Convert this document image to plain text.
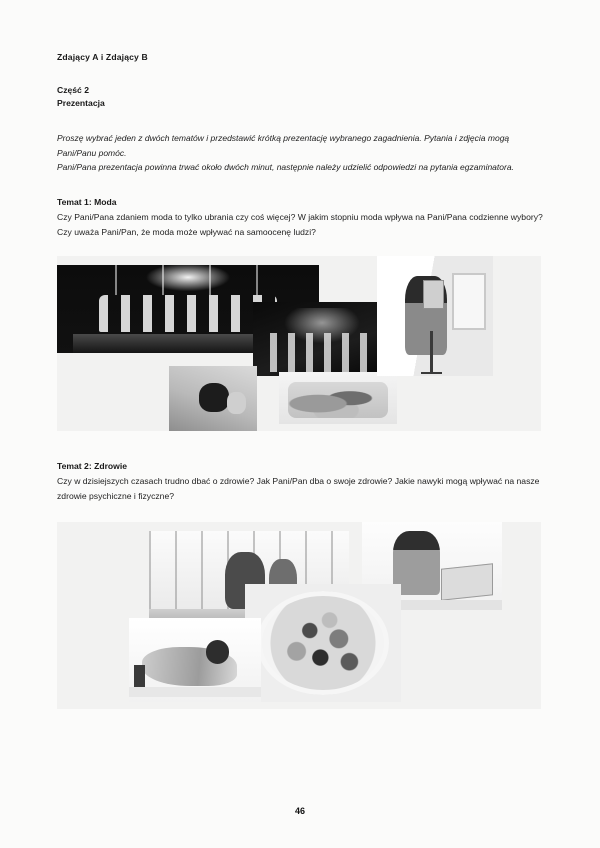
Zdający A i Zdający B
Część 2
Prezentacja

Proszę wybrać jeden z dwóch tematów i przedstawić krótką prezentację wybranego zagadnienia. Pytania i zdjęcia mogą Pani/Panu pomóc.

Pani/Pana prezentacja powinna trwać około dwóch minut, następnie należy udzielić odpowiedzi na pytania egzaminatora.

Temat 1: Moda
Czy Pani/Pana zdaniem moda to tylko ubrania czy coś więcej? W jakim stopniu moda wpływa na Pani/Pana codzienne wybory? Czy uważa Pani/Pan, że moda może wpływać na samoocenę ludzi?
Temat 2: Zdrowie
Czy w dzisiejszych czasach trudno dbać o zdrowie? Jak Pani/Pan dba o swoje zdrowie? Jakie nawyki mogą wpływać na nasze zdrowie psychiczne i fizyczne?
46
